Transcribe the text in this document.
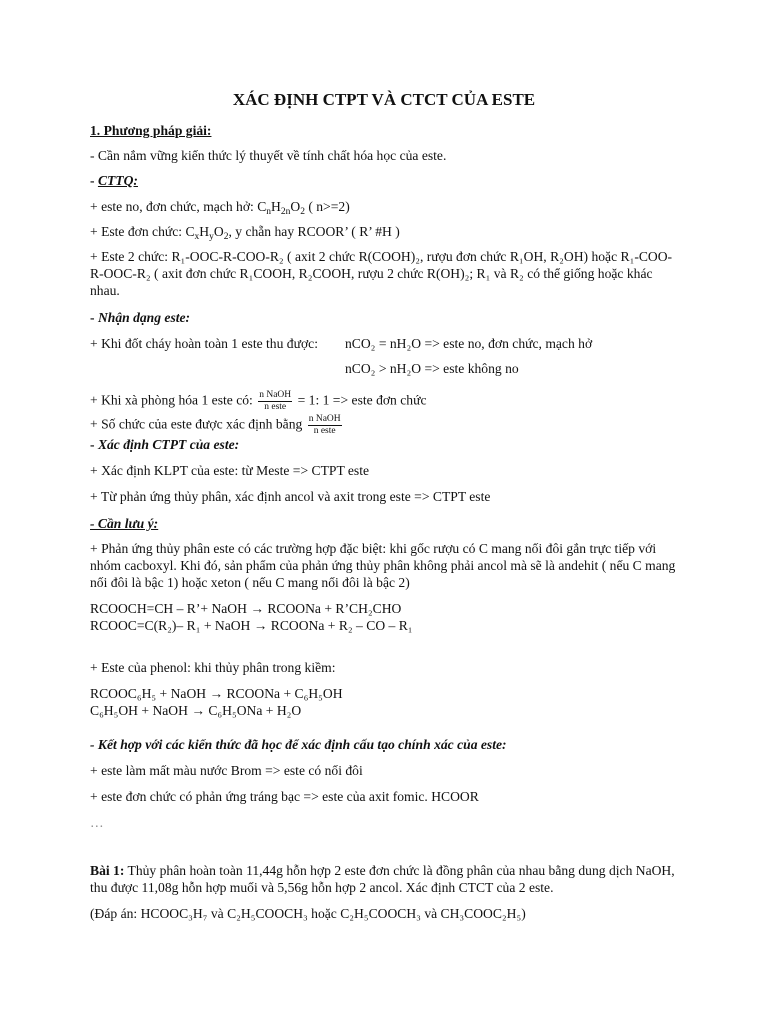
XÁC ĐỊNH CTPT VÀ CTCT CỦA ESTE
1. Phương pháp giải:
- Cần nắm vững kiến thức lý thuyết về tính chất hóa học của este.
- CTTQ:
+ este no, đơn chức, mạch hở: $C_nH_{2n}O_2$ ( n>=2)
+ Este đơn chức: $C_xH_yO_2$, y chẵn hay RCOOR’ ( R’ #H )
+ Este 2 chức: R₁-OOC-R-COO-R₂ ( axit 2 chức R(COOH)₂, rượu đơn chức R₁OH, R₂OH) hoặc R₁-COO-R-OOC-R₂ ( axit đơn chức R₁COOH, R₂COOH, rượu 2 chức R(OH)₂; R₁ và R₂ có thể giống hoặc khác nhau.
- Nhận dạng este:
+ Khi đốt cháy hoàn toàn 1 este thu được:	nCO₂ = nH₂O => este no, đơn chức, mạch hở
nCO₂ > nH₂O => este không no
+ Khi xà phòng hóa 1 este có: $\frac{\text{n NaOH}}{\text{n este}} = 1$: 1 => este đơn chức
+ Số chức của este được xác định bằng $\frac{\text{n NaOH}}{\text{n este}}$
- Xác định CTPT của este:
+ Xác định KLPT của este: từ Meste => CTPT este
+ Từ phản ứng thủy phân, xác định ancol và axit trong este => CTPT este
- Cần lưu ý:
+ Phản ứng thủy phân este có các trường hợp đặc biệt: khi gốc rượu có C mang nối đôi gắn trực tiếp với nhóm cacboxyl. Khi đó, sản phẩm của phản ứng thủy phân không phải ancol mà sẽ là andehit ( nếu C mang nối đôi là bậc 1) hoặc xeton ( nếu C mang nối đôi là bậc 2)
RCOOCH=CH – R’+ NaOH → RCOONa + R’CH₂CHO
RCOOC=C(R₂)– R₁ + NaOH → RCOONa + R₂ – CO – R₁
+ Este của phenol: khi thủy phân trong kiềm:
RCOOC₆H₅ + NaOH → RCOONa + C₆H₅OH
C₆H₅OH + NaOH → C₆H₅ONa + H₂O
- Kết hợp với các kiến thức đã học để xác định cấu tạo chính xác của este:
+ este làm mất màu nước Brom => este có nối đôi
+ este đơn chức có phản ứng tráng bạc => este của axit fomic. HCOOR
…
Bài 1: Thủy phân hoàn toàn 11,44g hỗn hợp 2 este đơn chức là đồng phân của nhau bằng dung dịch NaOH, thu được 11,08g hỗn hợp muối và 5,56g hỗn hợp 2 ancol. Xác định CTCT của 2 este.
(Đáp án: HCOOC₃H₇ và C₂H₅COOCH₃ hoặc C₂H₅COOCH₃ và CH₃COOC₂H₅)
